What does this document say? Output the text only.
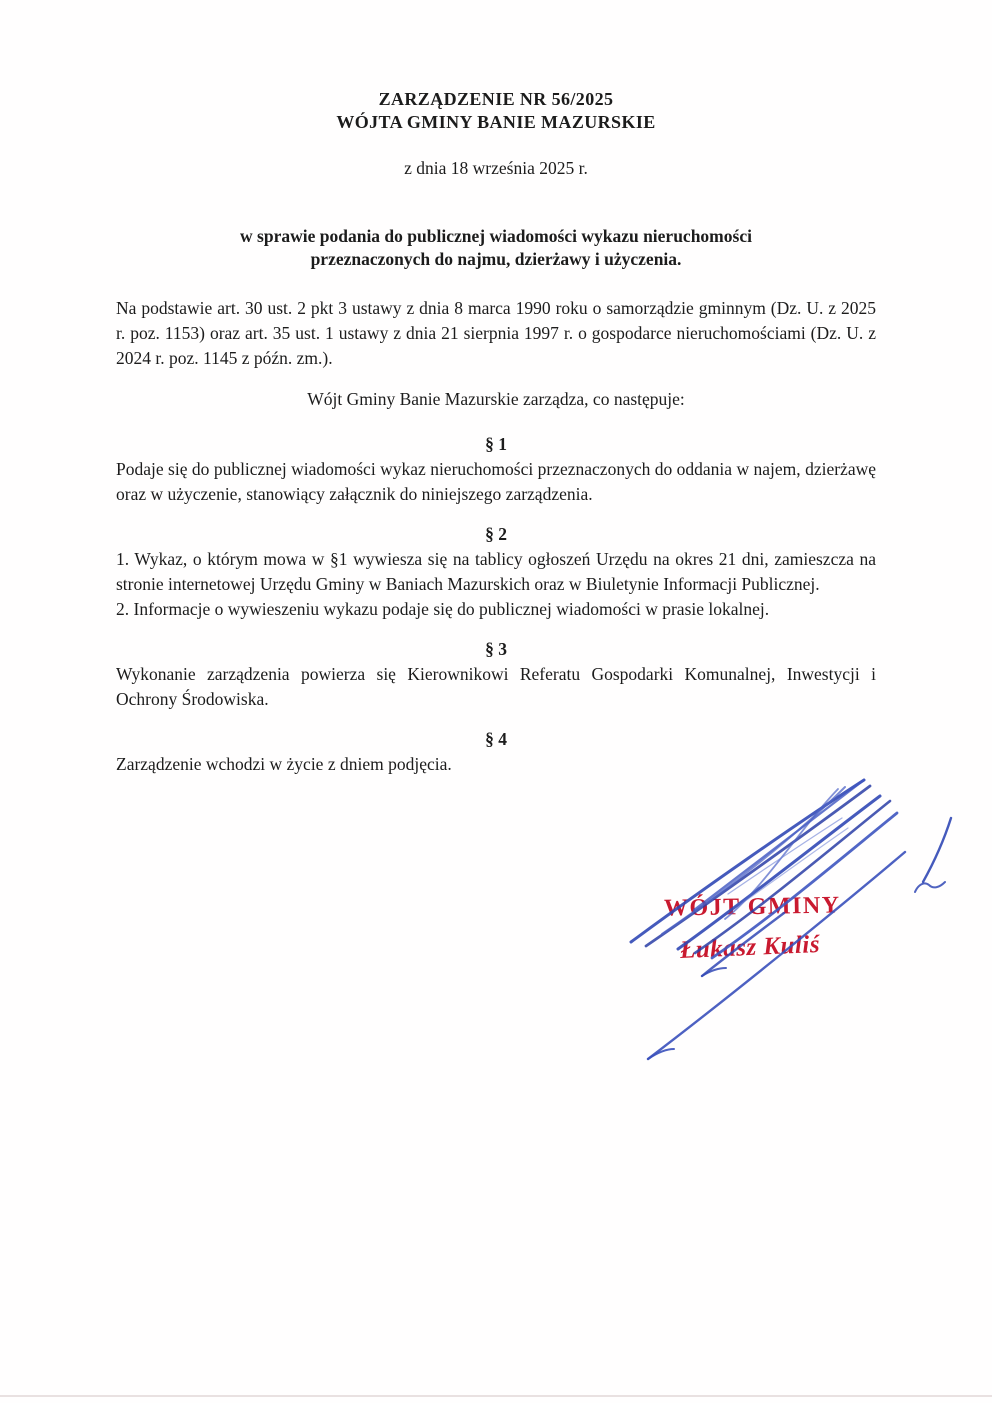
ZARZĄDZENIE NR 56/2025
WÓJTA GMINY BANIE MAZURSKIE
z dnia 18 września 2025 r.
w sprawie podania do publicznej wiadomości wykazu nieruchomości
przeznaczonych do najmu, dzierżawy i użyczenia.

Na podstawie art. 30 ust. 2 pkt 3 ustawy z dnia 8 marca 1990 roku o samorządzie gminnym (Dz. U. z 2025 r. poz. 1153) oraz art. 35 ust. 1 ustawy z dnia 21 sierpnia 1997 r. o gospodarce nieruchomościami (Dz. U. z 2024 r. poz. 1145 z późn. zm.).

Wójt Gminy Banie Mazurskie zarządza, co następuje:
§ 1

Podaje się do publicznej wiadomości wykaz nieruchomości przeznaczonych do oddania w najem, dzierżawę oraz w użyczenie, stanowiący załącznik do niniejszego zarządzenia.

§ 2

1. Wykaz, o którym mowa w §1 wywiesza się na tablicy ogłoszeń Urzędu na okres 21 dni, zamieszcza na stronie internetowej Urzędu Gminy w Baniach Mazurskich oraz w Biuletynie Informacji Publicznej.

2. Informacje o wywieszeniu wykazu podaje się do publicznej wiadomości w prasie lokalnej.

§ 3

Wykonanie zarządzenia powierza się Kierownikowi Referatu Gospodarki Komunalnej, Inwestycji i Ochrony Środowiska.

§ 4

Zarządzenie wchodzi w życie z dniem podjęcia.

WÓJT GMINY
Łukasz Kuliś
